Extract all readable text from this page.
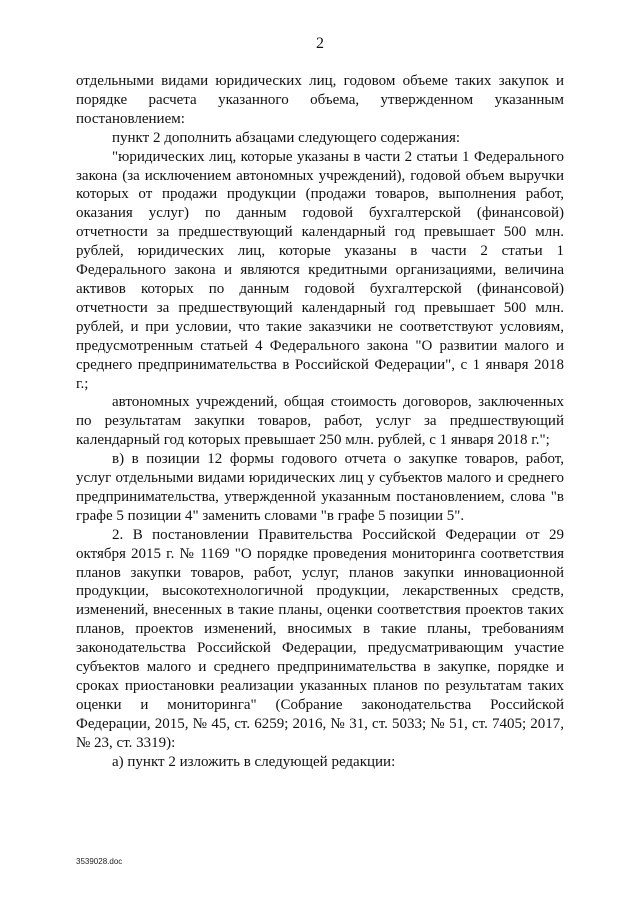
2

отдельными видами юридических лиц, годовом объеме таких закупок и порядке расчета указанного объема, утвержденном указанным постановлением:

пункт 2 дополнить абзацами следующего содержания:

"юридических лиц, которые указаны в части 2 статьи 1 Федерального закона (за исключением автономных учреждений), годовой объем выручки которых от продажи продукции (продажи товаров, выполнения работ, оказания услуг) по данным годовой бухгалтерской (финансовой) отчетности за предшествующий календарный год превышает 500 млн. рублей, юридических лиц, которые указаны в части 2 статьи 1 Федерального закона и являются кредитными организациями, величина активов которых по данным годовой бухгалтерской (финансовой) отчетности за предшествующий календарный год превышает 500 млн. рублей, и при условии, что такие заказчики не соответствуют условиям, предусмотренным статьей 4 Федерального закона "О развитии малого и среднего предпринимательства в Российской Федерации", с 1 января 2018 г.;

автономных учреждений, общая стоимость договоров, заключенных по результатам закупки товаров, работ, услуг за предшествующий календарный год которых превышает 250 млн. рублей, с 1 января 2018 г.";

в) в позиции 12 формы годового отчета о закупке товаров, работ, услуг отдельными видами юридических лиц у субъектов малого и среднего предпринимательства, утвержденной указанным постановлением, слова "в графе 5 позиции 4" заменить словами "в графе 5 позиции 5".

2. В постановлении Правительства Российской Федерации от 29 октября 2015 г. № 1169 "О порядке проведения мониторинга соответствия планов закупки товаров, работ, услуг, планов закупки инновационной продукции, высокотехнологичной продукции, лекарственных средств, изменений, внесенных в такие планы, оценки соответствия проектов таких планов, проектов изменений, вносимых в такие планы, требованиям законодательства Российской Федерации, предусматривающим участие субъектов малого и среднего предпринимательства в закупке, порядке и сроках приостановки реализации указанных планов по результатам таких оценки и мониторинга" (Собрание законодательства Российской Федерации, 2015, № 45, ст. 6259; 2016, № 31, ст. 5033; № 51, ст. 7405; 2017, № 23, ст. 3319):

а) пункт 2 изложить в следующей редакции:

3539028.doc
